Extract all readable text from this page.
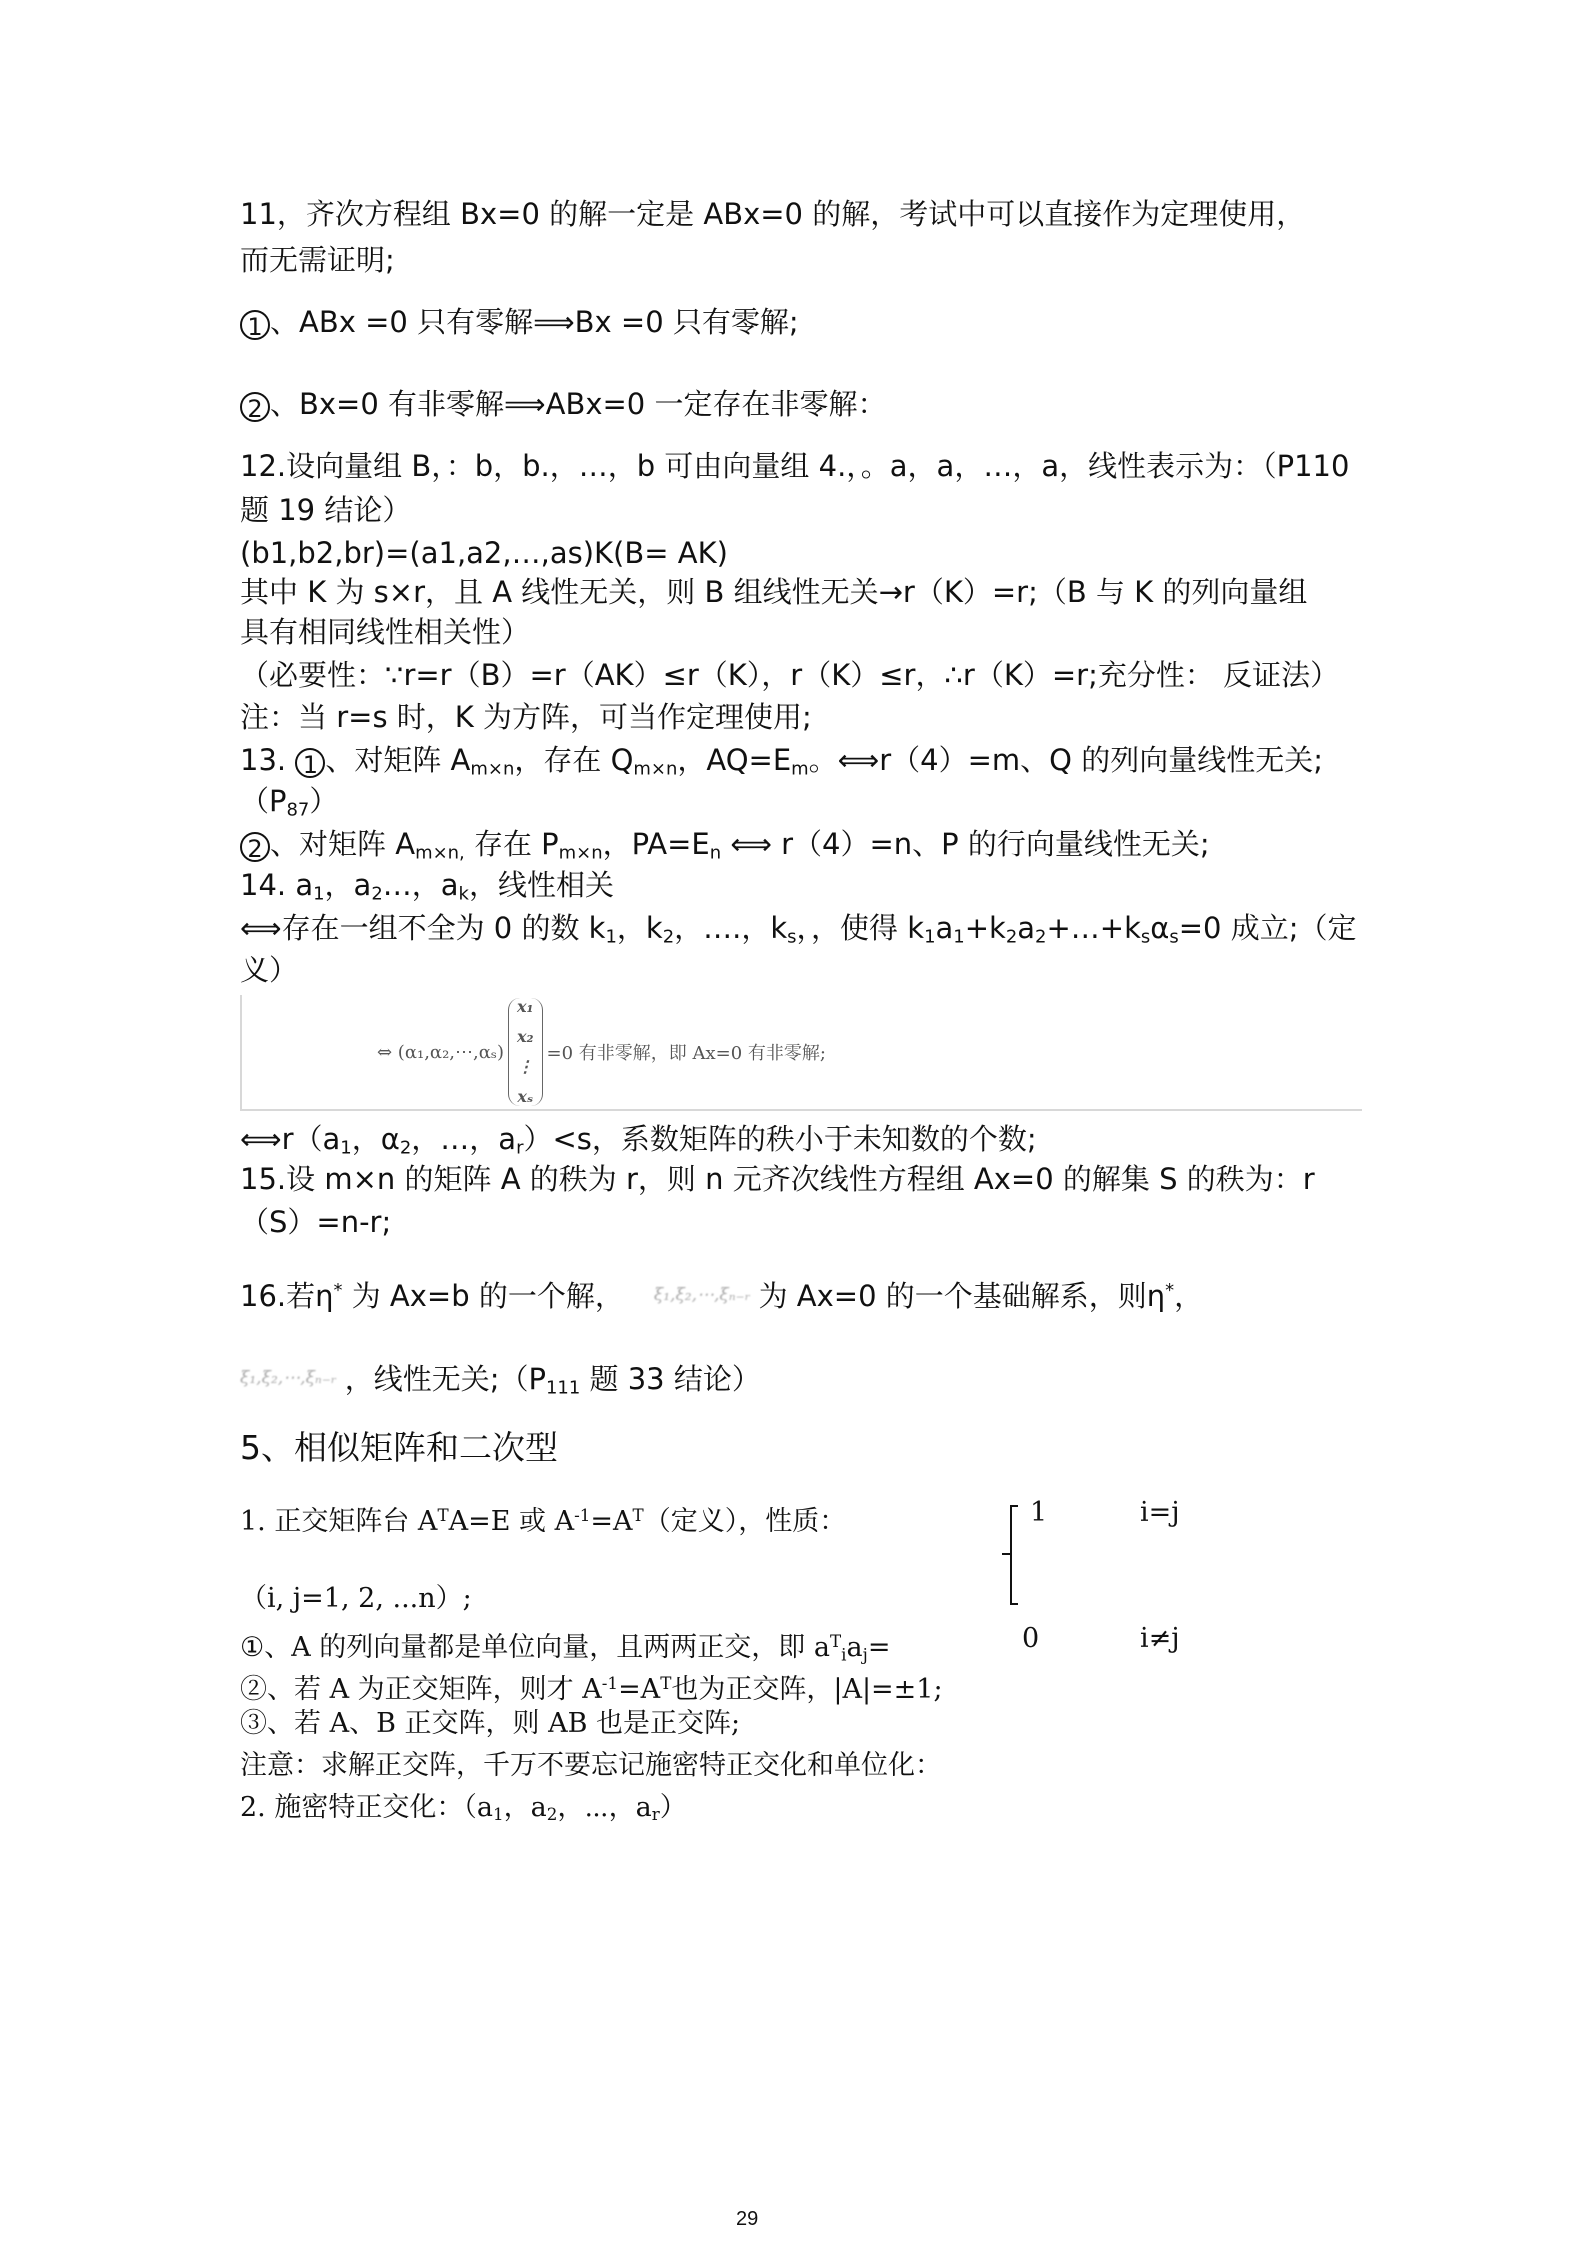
11，齐次方程组 Bx=0 的解一定是 ABx=0 的解，考试中可以直接作为定理使用，
而无需证明;
1 、ABx =0 只有零解⟹Bx =0 只有零解;
2 、Bx=0 有非零解⟹ABx=0 一定存在非零解：
12.设向量组 B，：b，b.，…，b 可由向量组 4.，。a，a，…，a，线性表示为：（P110
题 19 结论）
(b1,b2,br)=(a1,a2,…,as)K(B= AK)
其中 K 为 s×r，且 A 线性无关，则 B 组线性无关→r（K）=r;（B 与 K 的列向量组
具有相同线性相关性）
（必要性：∵r=r（B）=r（AK）≤r（K），r（K）≤r，∴r（K）=r;充分性： 反证法）
注：当 r=s 时，K 为方阵，可当作定理使用;
13. 1 、对矩阵 $A_{m\times n}$，存在 $Q_{m\times n}$，$AQ=E_m$。⟺r（4）=m、Q 的列向量线性无关;
$(P_{87})$
2 、对矩阵 $A_{m\times n,}$ 存在 $P_{m\times n}$，$PA=E_n$ ⟺ r（4）=n、P 的行向量线性无关;
14. $a_1$，$a_2\dots$，$a_k$，线性相关
⟺存在一组不全为 0 的数 $k_1$，$k_2$，….，$k_s$，，使得 $k_1a_1+k_2a_2+\dots+k_s\alpha_s=0$ 成立;（定
义）
⇔ (α₁,α₂,⋯,αₛ)
x₁
x₂
⋮
xₛ
=0 有非零解，即 Ax=0 有非零解;
$⟺r(a_1$，$\alpha_2$，…，$a_r)<s$，系数矩阵的秩小于未知数的个数;
15.设 m×n 的矩阵 A 的秩为 r，则 n 元齐次线性方程组 Ax=0 的解集 S 的秩为：r
（S）=n-r;
16.若η* 为 Ax=b 的一个解， ξ₁,ξ₂,⋯,ξₙ₋ᵣ 为 Ax=0 的一个基础解系，则η*，
ξ₁,ξ₂,⋯,ξₙ₋ᵣ ，线性无关$;(P_{111}$ 题 33 结论）
5、相似矩阵和二次型
1. 正交矩阵台 $A^TA=E$ 或 $A^{-1}=A^T$（定义），性质：	1	i=j
（i, j=1, 2, ...n）;
①、A 的列向量都是单位向量，且两两正交，即 $a^T_ia_j=$	0	i≠j
②、若 A 为正交矩阵，则才 $A^{-1}=A^T$也为正交阵，|A|=±1;
③、若 A、B 正交阵，则 AB 也是正交阵;
注意：求解正交阵，千万不要忘记施密特正交化和单位化：
2. 施密特正交化：（$a_1$，$a_2$，⋯，$a_r$）
29
